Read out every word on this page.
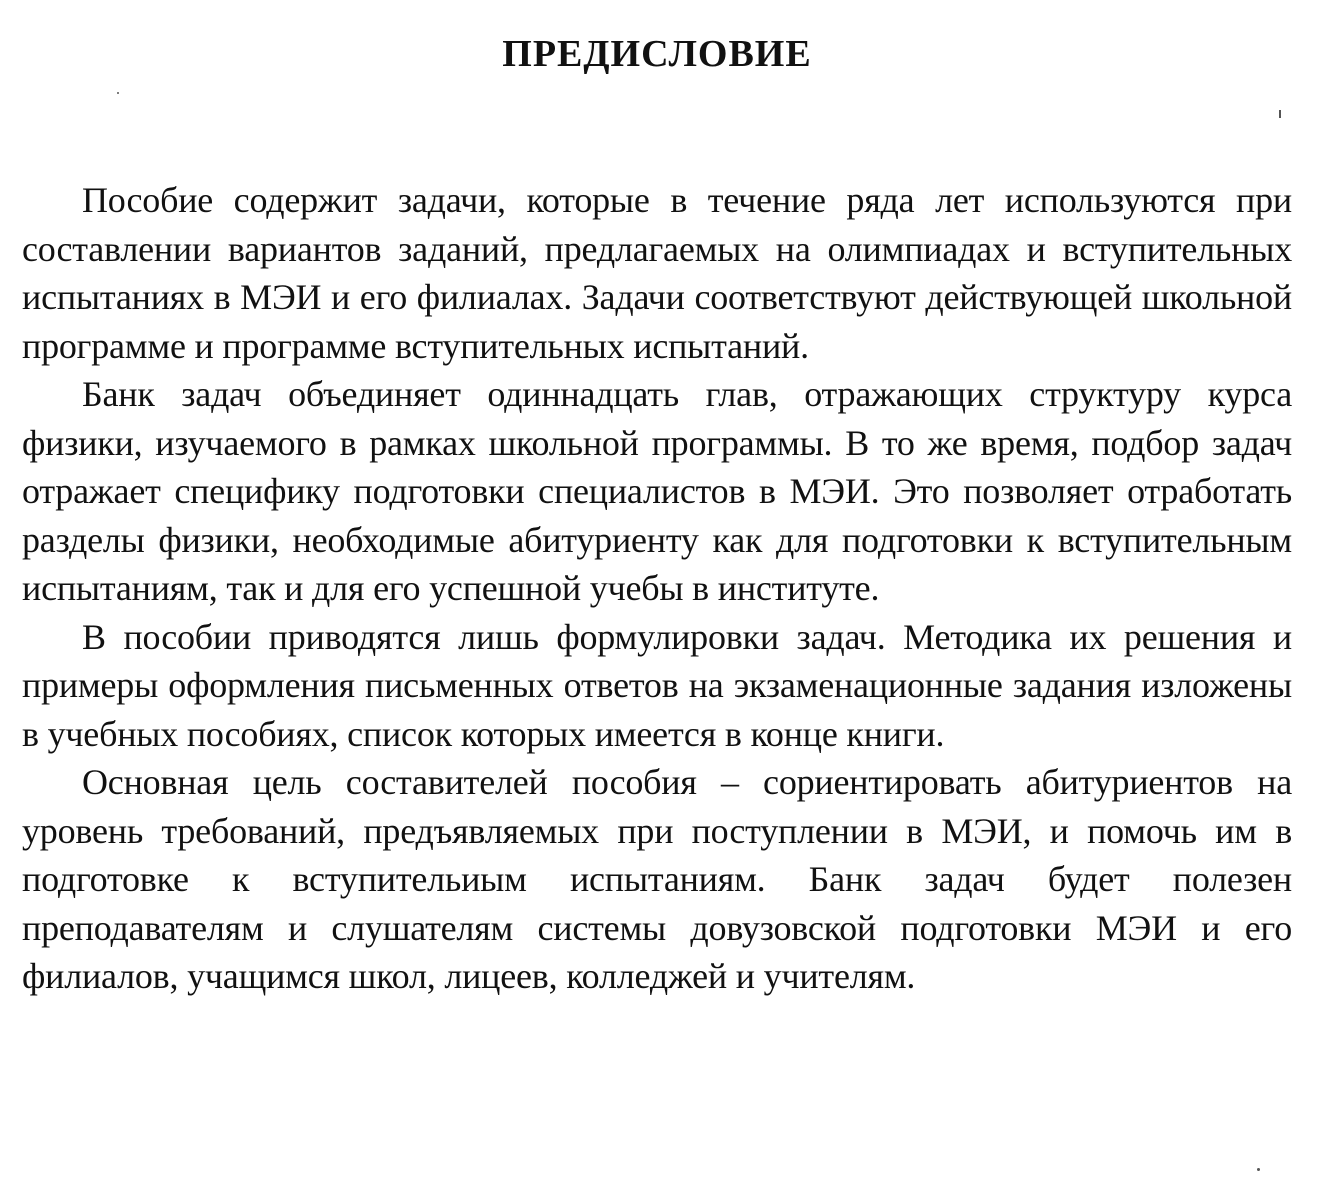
ПРЕДИСЛОВИЕ

Пособие содержит задачи, которые в течение ряда лет используются при составлении вариантов заданий, предлагаемых на олимпиадах и вступительных испытаниях в МЭИ и его филиалах. Задачи соответствуют действующей школьной программе и программе вступительных испытаний.

Банк задач объединяет одиннадцать глав, отражающих структуру курса физики, изучаемого в рамках школьной программы. В то же время, подбор задач отражает специфику подготовки специалистов в МЭИ. Это позволяет отработать разделы физики, необходимые абитуриенту как для подготовки к вступительным испытаниям, так и для его успешной учебы в институте.

В пособии приводятся лишь формулировки задач. Методика их решения и примеры оформления письменных ответов на экзаменационные задания изложены в учебных пособиях, список которых имеется в конце книги.

Основная цель составителей пособия – сориентировать абитуриентов на уровень требований, предъявляемых при поступлении в МЭИ, и помочь им в подготовке к вступительиым испытаниям. Банк задач будет полезен преподавателям и слушателям системы довузовской подготовки МЭИ и его филиалов, учащимся школ, лицеев, колледжей и учителям.
